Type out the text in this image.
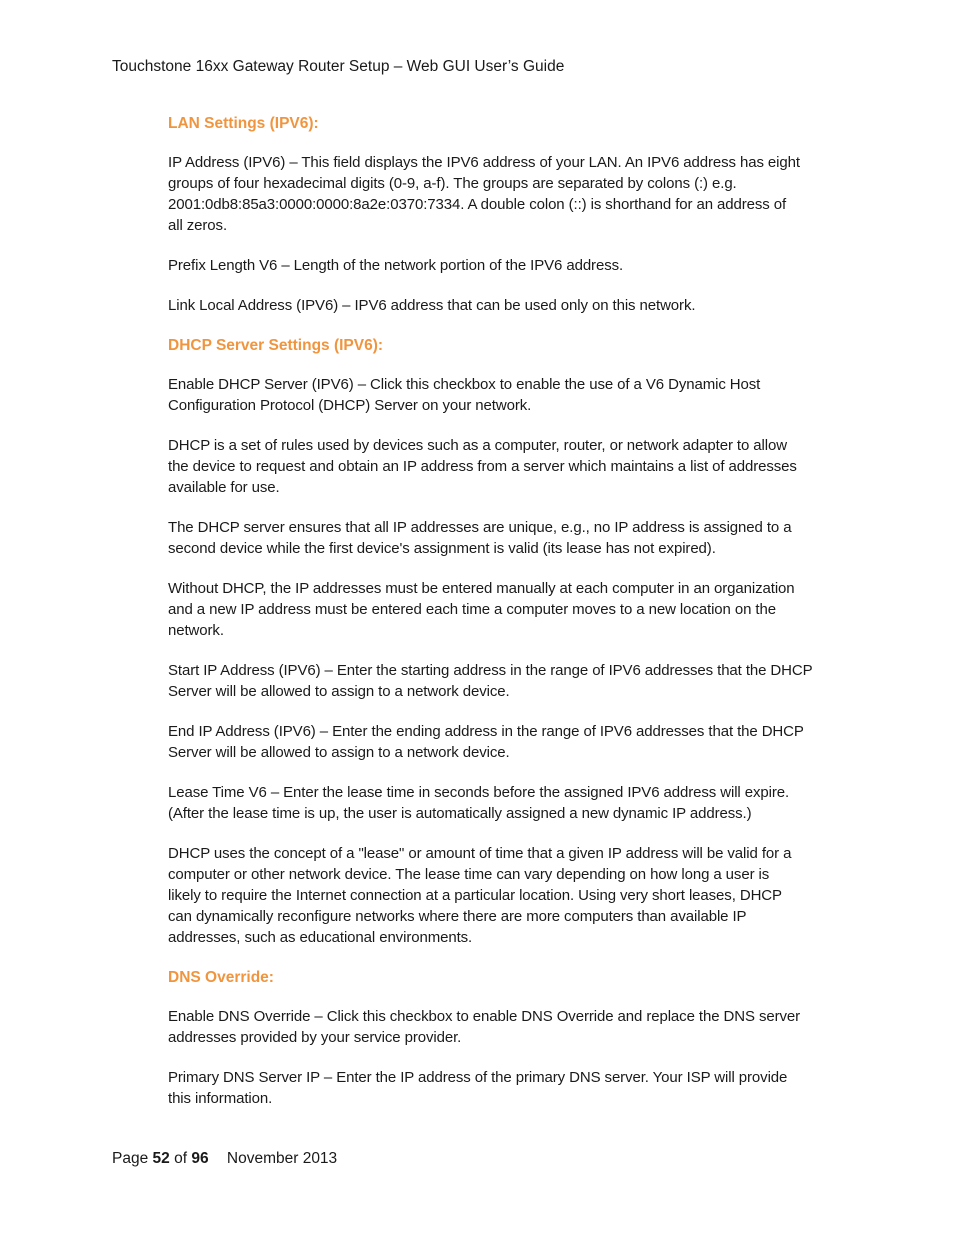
Touchstone 16xx Gateway Router Setup – Web GUI User’s Guide
LAN Settings (IPV6):
IP Address (IPV6) – This field displays the IPV6 address of your LAN. An IPV6 address has eight
groups of four hexadecimal digits (0-9, a-f). The groups are separated by colons (:) e.g.
2001:0db8:85a3:0000:0000:8a2e:0370:7334. A double colon (::) is shorthand for an address of
all zeros.
Prefix Length V6 – Length of the network portion of the IPV6 address.
Link Local Address (IPV6) – IPV6 address that can be used only on this network.
DHCP Server Settings (IPV6):
Enable DHCP Server (IPV6) – Click this checkbox to enable the use of a V6 Dynamic Host
Configuration Protocol (DHCP) Server on your network.
DHCP is a set of rules used by devices such as a computer, router, or network adapter to allow
the device to request and obtain an IP address from a server which maintains a list of addresses
available for use.
The DHCP server ensures that all IP addresses are unique, e.g., no IP address is assigned to a
second device while the first device's assignment is valid (its lease has not expired).
Without DHCP, the IP addresses must be entered manually at each computer in an organization
and a new IP address must be entered each time a computer moves to a new location on the
network.
Start IP Address (IPV6) – Enter the starting address in the range of IPV6 addresses that the DHCP
Server will be allowed to assign to a network device.
End IP Address (IPV6) – Enter the ending address in the range of IPV6 addresses that the DHCP
Server will be allowed to assign to a network device.
Lease Time V6 – Enter the lease time in seconds before the assigned IPV6 address will expire.
(After the lease time is up, the user is automatically assigned a new dynamic IP address.)
DHCP uses the concept of a "lease" or amount of time that a given IP address will be valid for a
computer or other network device. The lease time can vary depending on how long a user is
likely to require the Internet connection at a particular location. Using very short leases, DHCP
can dynamically reconfigure networks where there are more computers than available IP
addresses, such as educational environments.
DNS Override:
Enable DNS Override – Click this checkbox to enable DNS Override and replace the DNS server
addresses provided by your service provider.
Primary DNS Server IP – Enter the IP address of the primary DNS server. Your ISP will provide
this information.
Page 52 of 96 November 2013
